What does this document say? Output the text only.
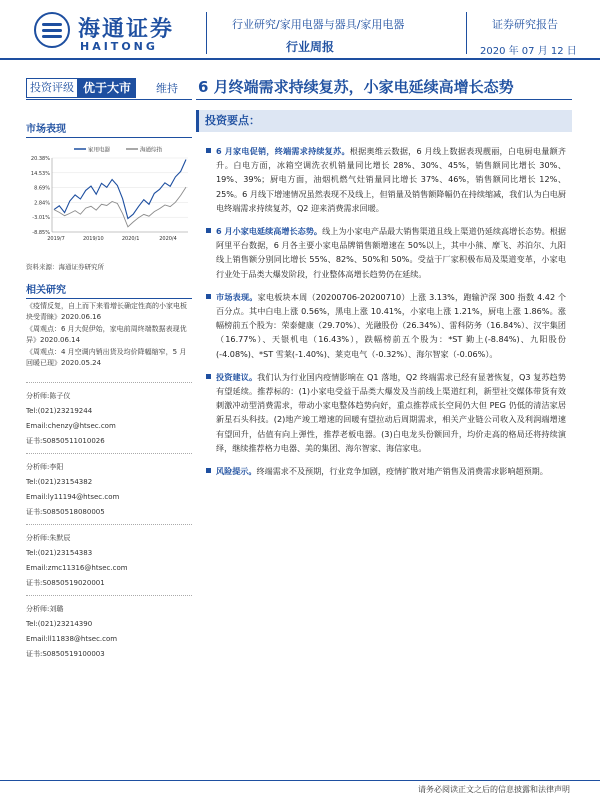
海通证券
HAITONG
行业研究/家用电器与器具/家用电器
行业周报
证券研究报告
2020 年 07 月 12 日
投资评级 优于大市	维持 6 月终端需求持续复苏，小家电延续高增长态势
市场表现
家用电器	海通综指
20.38%
14.53%
8.69%
2.84%
-3.01%
-8.85%
2019/7	2019/10	2020/1	2020/4
资料来源：海通证券研究所
相关研究
《疫情反复，自上而下来看增长确定性高的小家电板块受青睐》2020.06.16
《周观点：6 月大促伊始，家电前周终端数据表现优异》2020.06.14
《周观点：4 月空调内销出货及均价降幅缩窄，5 月回暖已现》2020.05.24
分析师:陈子仪
Tel:(021)23219244
Email:chenzy@htsec.com
证书:S0850511010026
分析师:李阳
Tel:(021)23154382
Email:ly11194@htsec.com
证书:S0850518080005
分析师:朱默辰
Tel:(021)23154383
Email:zmc11316@htsec.com
证书:S0850519020001
分析师:刘璐
Tel:(021)23214390
Email:ll11838@htsec.com
证书:S0850519100003
投资要点：
6 月家电促销，终端需求持续复苏。根据奥维云数据，6 月线上数据表现靓丽，白电厨电量额齐升。白电方面，冰箱空调洗衣机销量同比增长 28%、30%、45%，销售额同比增长 30%、19%、39%；厨电方面，油烟机燃气灶销量同比增长 37%、46%，销售额同比增长 12%、25%。6 月线下增速情况虽然表现不及线上，但销量及销售额降幅仍在持续缩减，我们认为白电厨电终端需求持续复苏，Q2 迎来消费需求回暖。
6 月小家电延续高增长态势。线上为小家电产品最大销售渠道且线上渠道仍延续高增长态势。根据阿里平台数据，6 月各主要小家电品牌销售额增速在 50%以上，其中小熊、摩飞、苏泊尔、九阳线上销售额分别同比增长 55%、82%、50%和 50%。受益于厂家积极布局及渠道变革，小家电行业处于品类大爆发阶段，行业整体高增长趋势仍在延续。
市场表现。家电板块本周（20200706-20200710）上涨 3.13%，跑输沪深 300 指数 4.42 个百分点。其中白电上涨 0.56%，黑电上涨 10.41%，小家电上涨 1.21%，厨电上涨 1.86%。涨幅榜前五个股为：荣泰健康（29.70%）、光融股份（26.34%）、雷科防务（16.84%）、汉宇集团（16.77%）、天银机电（16.43%），跌幅榜前五个股为：*ST 勤上(-8.84%)、九阳股份(-4.08%)、*ST 雪莱(-1.40%)、莱克电气（-0.32%）、海尔智家（-0.06%）。
投资建议。我们认为行业国内疫情影响在 Q1 落地，Q2 终端需求已经有显著恢复，Q3 复苏趋势有望延续。推荐标的：(1)小家电受益于品类大爆发及当前线上渠道红利，新型社交媒体带货有效刺激冲动型消费需求，带动小家电整体趋势向好，重点推荐成长空间仍大但 PEG 仍低的清洁家居新星石头科技。(2)地产竣工增速的回暖有望拉动后周期需求，相关产业链公司收入及利润端增速有望回升，估值有向上弹性，推荐老板电器。(3)白电龙头份额回升，均价走高的格局还将持续演绎，继续推荐格力电器、美的集团、海尔智家、海信家电。
风险提示。终端需求不及预期，行业竞争加剧，疫情扩散对地产销售及消费需求影响超预期。
请务必阅读正文之后的信息披露和法律声明
